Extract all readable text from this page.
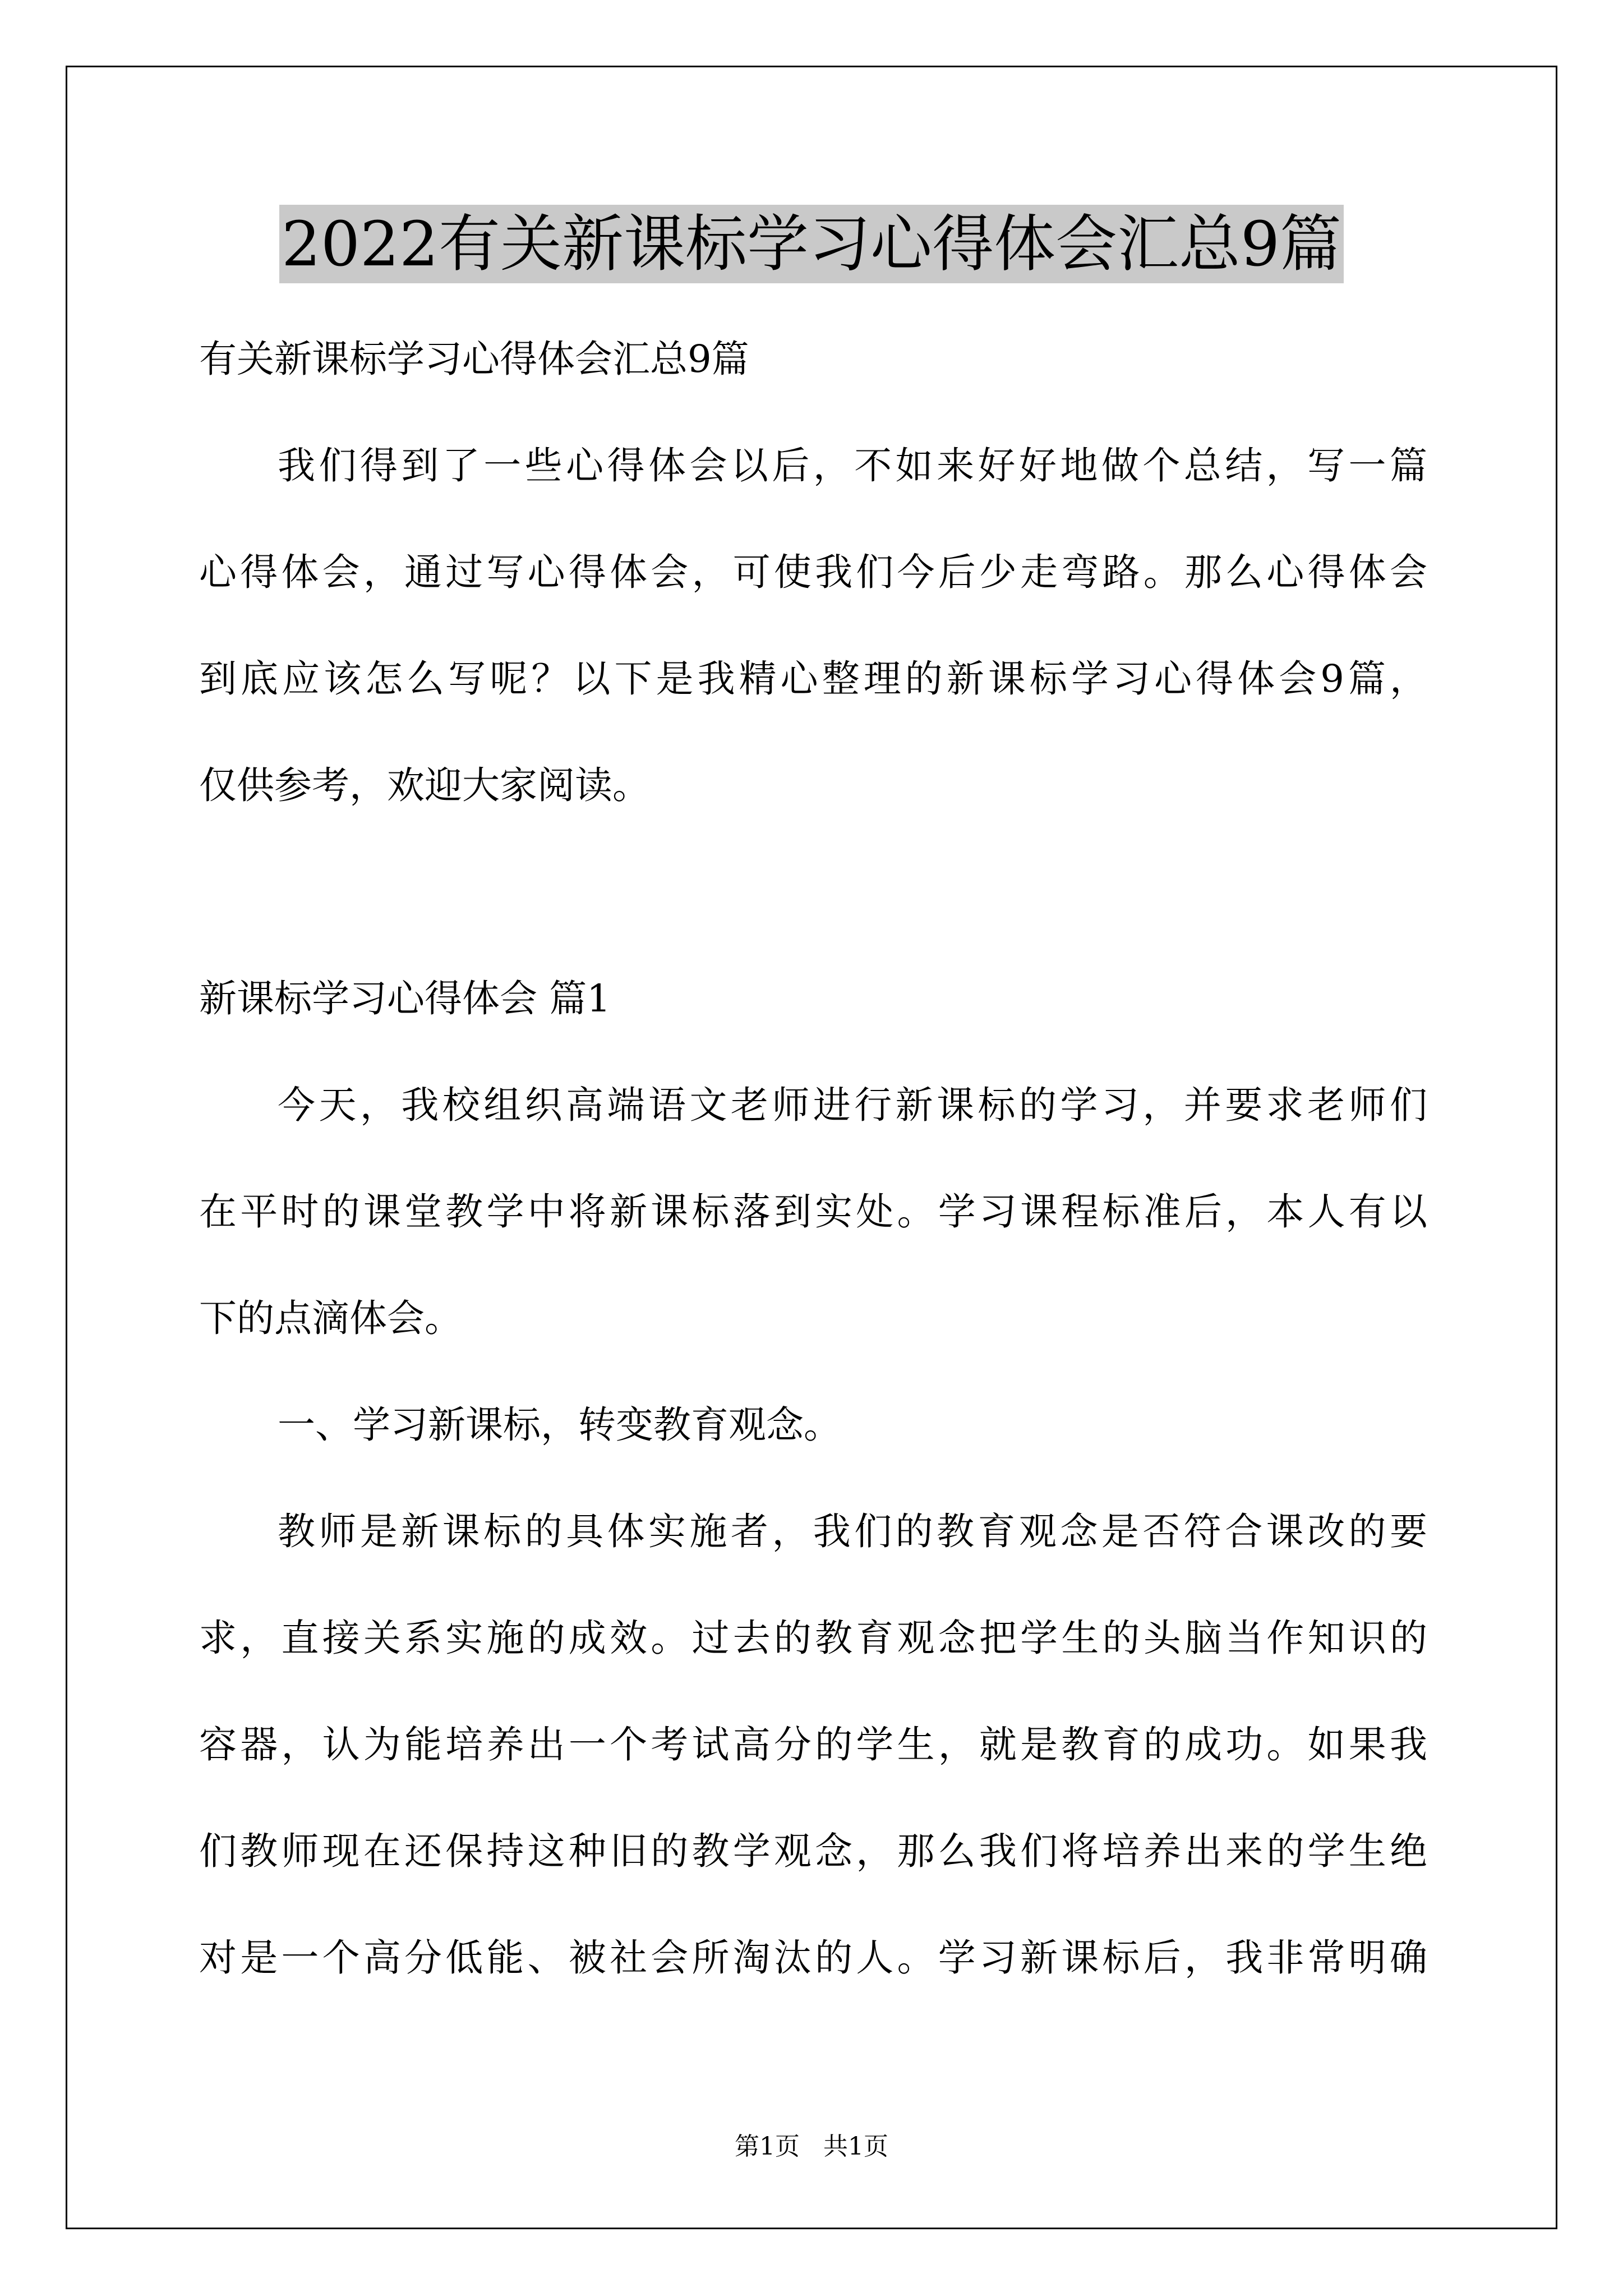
2022有关新课标学习心得体会汇总9篇
有关新课标学习心得体会汇总9篇
我们得到了一些心得体会以后，不如来好好地做个总结，写一篇
心得体会，通过写心得体会，可使我们今后少走弯路。那么心得体会
到底应该怎么写呢？以下是我精心整理的新课标学习心得体会9篇，
仅供参考，欢迎大家阅读。
新课标学习心得体会 篇1
今天，我校组织高端语文老师进行新课标的学习，并要求老师们
在平时的课堂教学中将新课标落到实处。学习课程标准后，本人有以
下的点滴体会。
一、学习新课标，转变教育观念。
教师是新课标的具体实施者，我们的教育观念是否符合课改的要
求，直接关系实施的成效。过去的教育观念把学生的头脑当作知识的
容器，认为能培养出一个考试高分的学生，就是教育的成功。如果我
们教师现在还保持这种旧的教学观念，那么我们将培养出来的学生绝
对是一个高分低能、被社会所淘汰的人。学习新课标后，我非常明确
第1页   共1页
